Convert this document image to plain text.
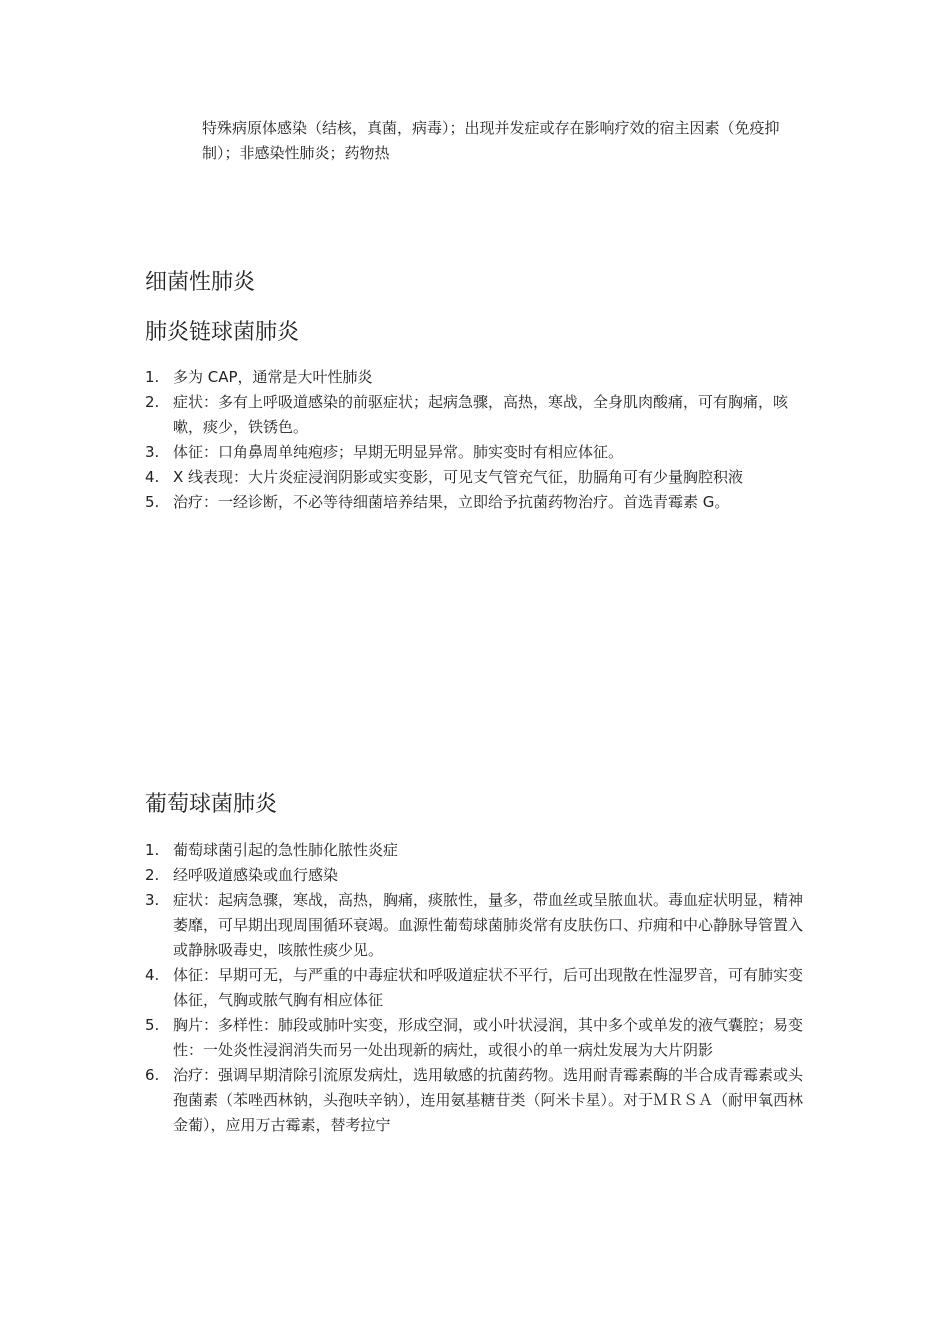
特殊病原体感染（结核，真菌，病毒）；出现并发症或存在影响疗效的宿主因素（免疫抑制）；非感染性肺炎；药物热

细菌性肺炎
肺炎链球菌肺炎
1. 多为 CAP，通常是大叶性肺炎
2. 症状：多有上呼吸道感染的前驱症状；起病急骤，高热，寒战，全身肌肉酸痛，可有胸痛，咳嗽，痰少，铁锈色。
3. 体征：口角鼻周单纯疱疹；早期无明显异常。肺实变时有相应体征。
4. X 线表现：大片炎症浸润阴影或实变影，可见支气管充气征，肋膈角可有少量胸腔积液
5. 治疗：一经诊断，不必等待细菌培养结果，立即给予抗菌药物治疗。首选青霉素 G。
葡萄球菌肺炎
1. 葡萄球菌引起的急性肺化脓性炎症
2. 经呼吸道感染或血行感染
3. 症状：起病急骤，寒战，高热，胸痛，痰脓性，量多，带血丝或呈脓血状。毒血症状明显，精神萎靡，可早期出现周围循环衰竭。血源性葡萄球菌肺炎常有皮肤伤口、疖痈和中心静脉导管置入或静脉吸毒史，咳脓性痰少见。
4. 体征：早期可无，与严重的中毒症状和呼吸道症状不平行，后可出现散在性湿罗音，可有肺实变体征，气胸或脓气胸有相应体征
5. 胸片：多样性：肺段或肺叶实变，形成空洞，或小叶状浸润，其中多个或单发的液气囊腔；易变性：一处炎性浸润消失而另一处出现新的病灶，或很小的单一病灶发展为大片阴影
6. 治疗：强调早期清除引流原发病灶，选用敏感的抗菌药物。选用耐青霉素酶的半合成青霉素或头孢菌素（苯唑西林钠，头孢呋辛钠），连用氨基糖苷类（阿米卡星）。对于ＭＲＳＡ（耐甲氧西林金葡），应用万古霉素，替考拉宁
